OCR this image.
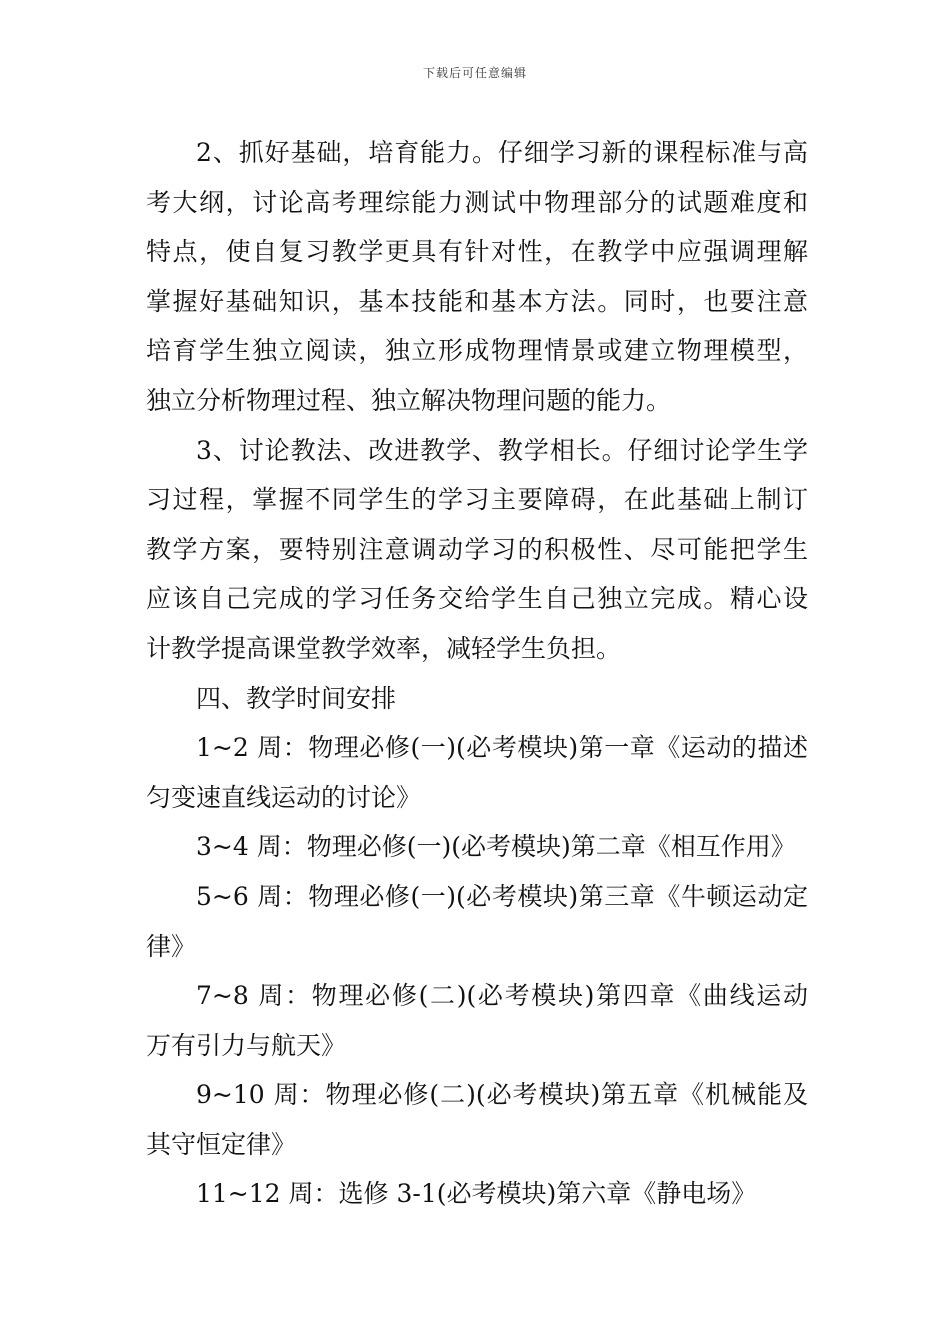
下载后可任意编辑
2、抓好基础，培育能力。仔细学习新的课程标准与高
考大纲，讨论高考理综能力测试中物理部分的试题难度和
特点，使自复习教学更具有针对性，在教学中应强调理解
掌握好基础知识，基本技能和基本方法。同时，也要注意
培育学生独立阅读，独立形成物理情景或建立物理模型，
独立分析物理过程、独立解决物理问题的能力。
3、讨论教法、改进教学、教学相长。仔细讨论学生学
习过程，掌握不同学生的学习主要障碍，在此基础上制订
教学方案，要特别注意调动学习的积极性、尽可能把学生
应该自己完成的学习任务交给学生自己独立完成。精心设
计教学提高课堂教学效率，减轻学生负担。
四、教学时间安排
1~2 周：物理必修(一)(必考模块)第一章《运动的描述
匀变速直线运动的讨论》
3~4 周：物理必修(一)(必考模块)第二章《相互作用》
5~6 周：物理必修(一)(必考模块)第三章《牛顿运动定
律》
7~8 周：物理必修(二)(必考模块)第四章《曲线运动
万有引力与航天》
9~10 周：物理必修(二)(必考模块)第五章《机械能及
其守恒定律》
11~12 周：选修 3-1(必考模块)第六章《静电场》
